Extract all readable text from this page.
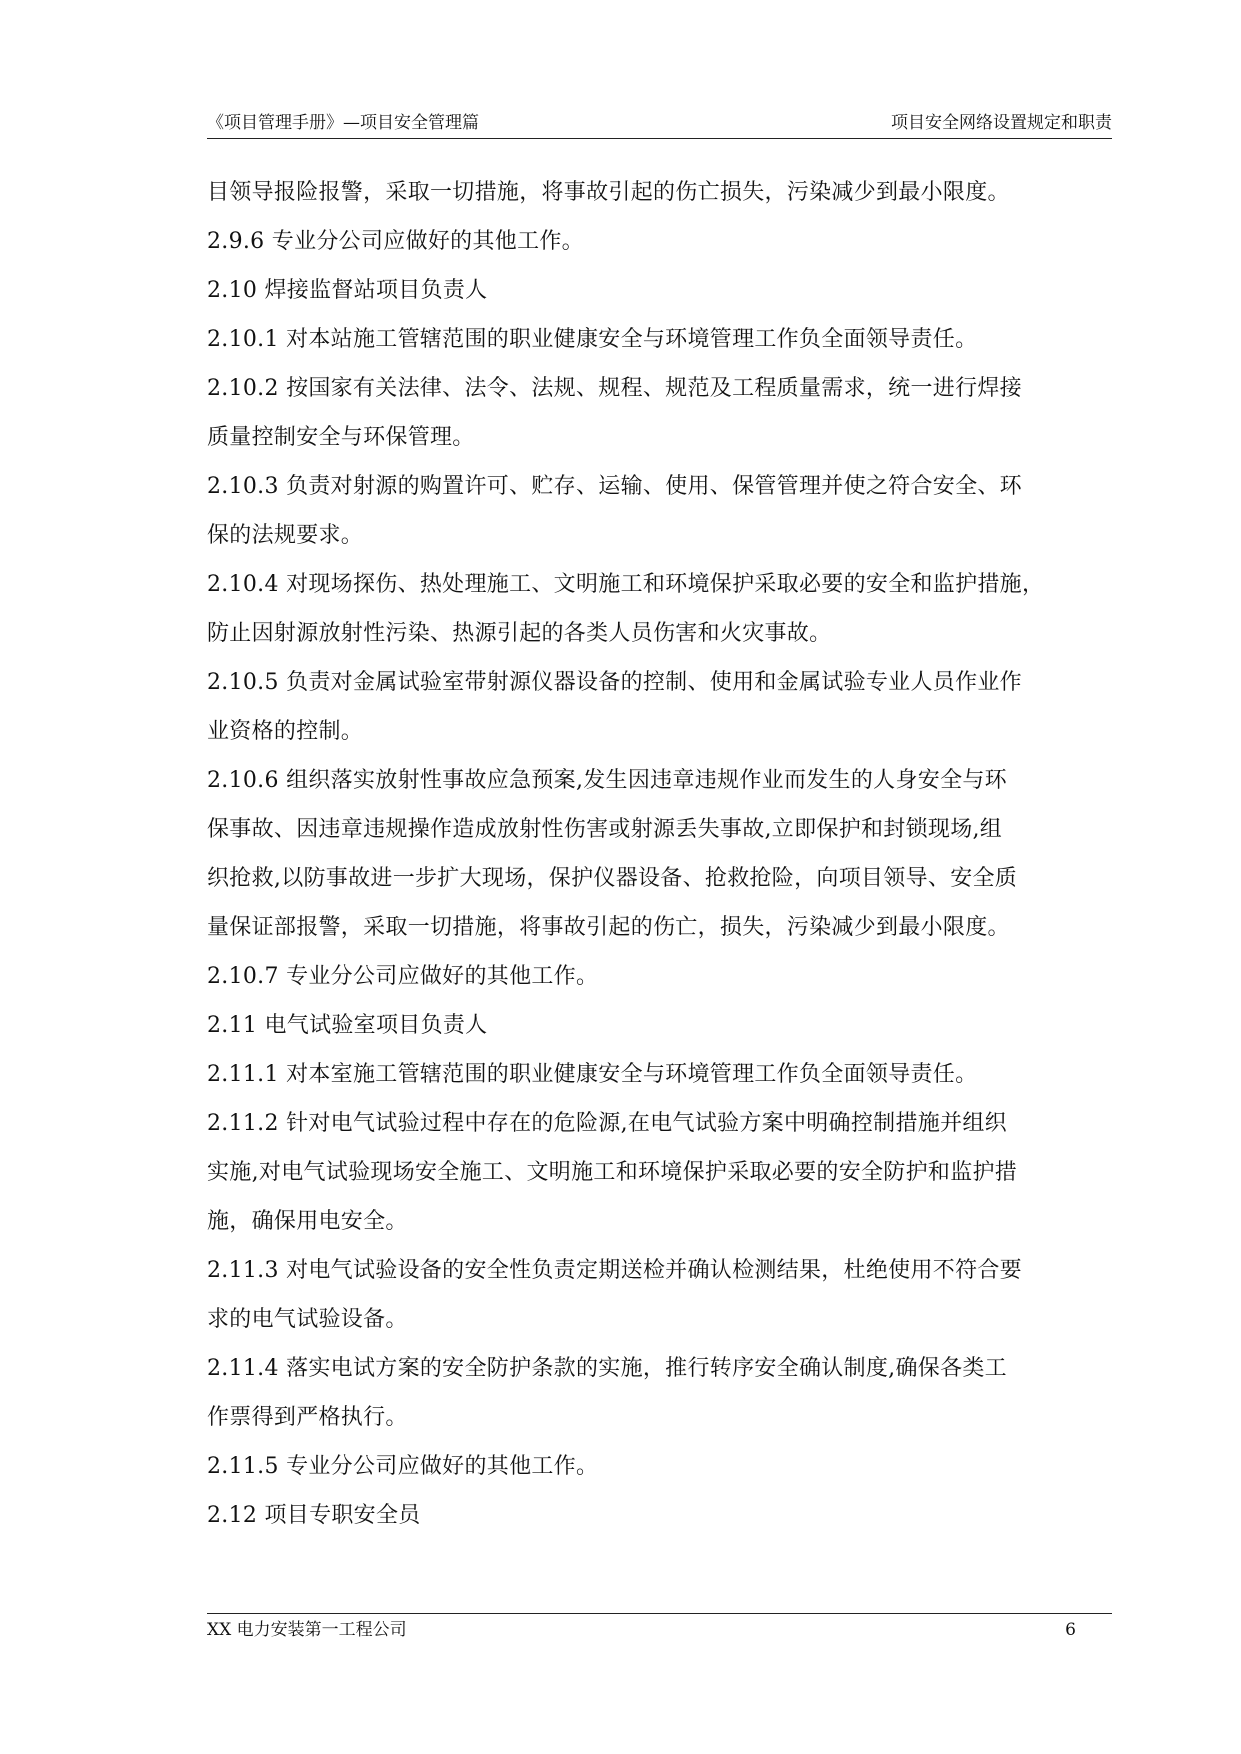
《项目管理手册》—项目安全管理篇	项目安全网络设置规定和职责
目领导报险报警，采取一切措施，将事故引起的伤亡损失，污染减少到最小限度。
2.9.6 专业分公司应做好的其他工作。
2.10 焊接监督站项目负责人
2.10.1 对本站施工管辖范围的职业健康安全与环境管理工作负全面领导责任。
2.10.2 按国家有关法律、法令、法规、规程、规范及工程质量需求，统一进行焊接
质量控制安全与环保管理。
2.10.3 负责对射源的购置许可、贮存、运输、使用、保管管理并使之符合安全、环
保的法规要求。
2.10.4 对现场探伤、热处理施工、文明施工和环境保护采取必要的安全和监护措施，
防止因射源放射性污染、热源引起的各类人员伤害和火灾事故。
2.10.5 负责对金属试验室带射源仪器设备的控制、使用和金属试验专业人员作业作
业资格的控制。
2.10.6 组织落实放射性事故应急预案,发生因违章违规作业而发生的人身安全与环
保事故、因违章违规操作造成放射性伤害或射源丢失事故,立即保护和封锁现场,组
织抢救,以防事故进一步扩大现场，保护仪器设备、抢救抢险，向项目领导、安全质
量保证部报警，采取一切措施，将事故引起的伤亡，损失，污染减少到最小限度。
2.10.7 专业分公司应做好的其他工作。
2.11 电气试验室项目负责人
2.11.1 对本室施工管辖范围的职业健康安全与环境管理工作负全面领导责任。
2.11.2 针对电气试验过程中存在的危险源,在电气试验方案中明确控制措施并组织
实施,对电气试验现场安全施工、文明施工和环境保护采取必要的安全防护和监护措
施，确保用电安全。
2.11.3 对电气试验设备的安全性负责定期送检并确认检测结果，杜绝使用不符合要
求的电气试验设备。
2.11.4 落实电试方案的安全防护条款的实施，推行转序安全确认制度,确保各类工
作票得到严格执行。
2.11.5 专业分公司应做好的其他工作。
2.12 项目专职安全员
XX 电力安装第一工程公司	6
